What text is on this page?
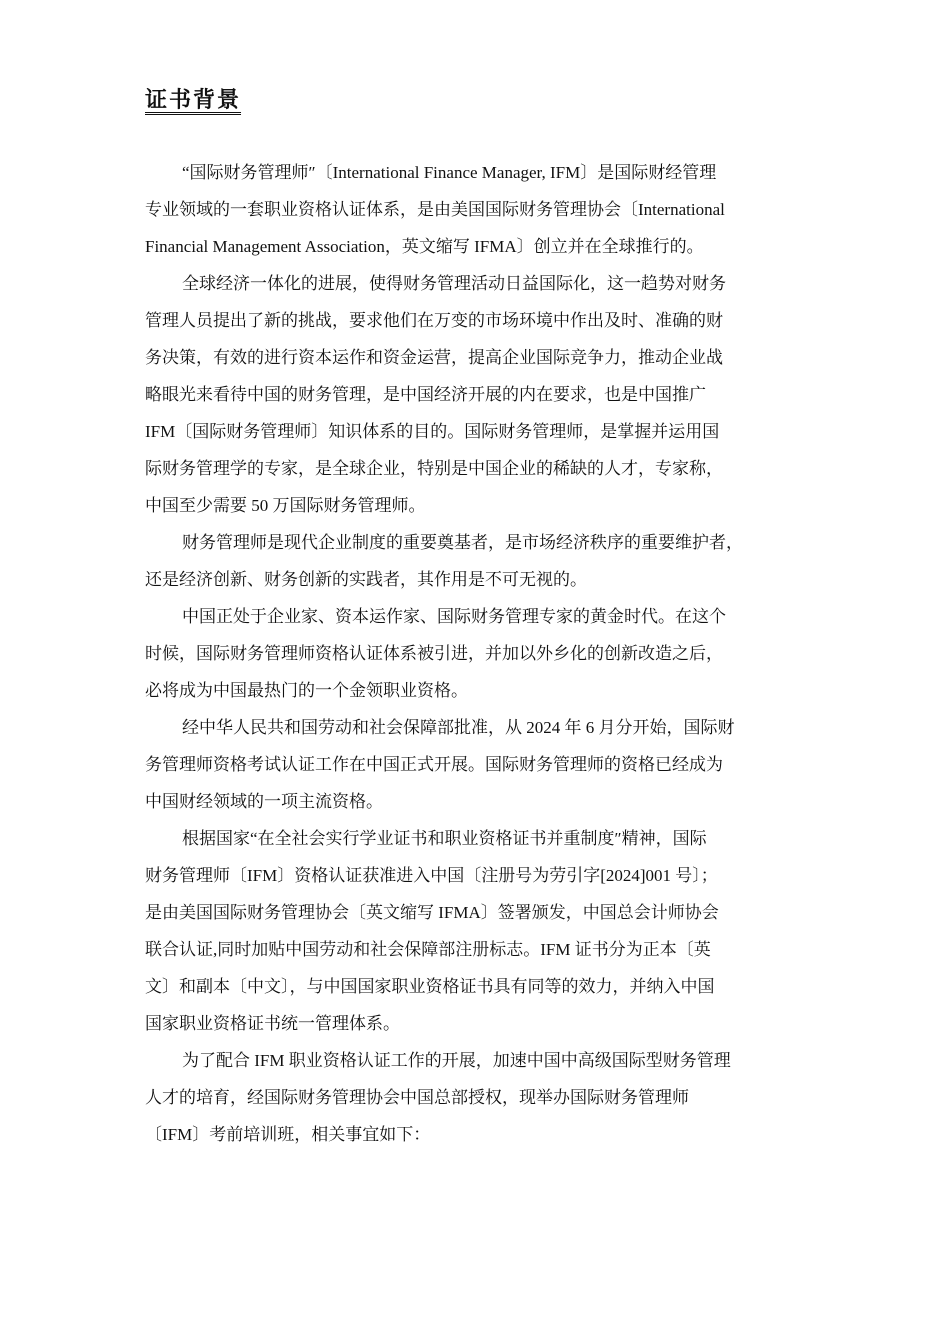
证书背景

“国际财务管理师″〔International Finance Manager, IFM〕是国际财经管理
专业领域的一套职业资格认证体系，是由美国国际财务管理协会〔International
Financial Management Association，英文缩写 IFMA〕创立并在全球推行的。

全球经济一体化的进展，使得财务管理活动日益国际化，这一趋势对财务
管理人员提出了新的挑战，要求他们在万变的市场环境中作出及时、准确的财
务决策，有效的进行资本运作和资金运营，提高企业国际竞争力，推动企业战
略眼光来看待中国的财务管理，是中国经济开展的内在要求，也是中国推广
IFM〔国际财务管理师〕知识体系的目的。国际财务管理师，是掌握并运用国
际财务管理学的专家，是全球企业，特别是中国企业的稀缺的人才，专家称，
中国至少需要 50 万国际财务管理师。

财务管理师是现代企业制度的重要奠基者，是市场经济秩序的重要维护者，
还是经济创新、财务创新的实践者，其作用是不可无视的。

中国正处于企业家、资本运作家、国际财务管理专家的黄金时代。在这个
时候，国际财务管理师资格认证体系被引进，并加以外乡化的创新改造之后，
必将成为中国最热门的一个金领职业资格。

经中华人民共和国劳动和社会保障部批准，从 2024 年 6 月分开始，国际财
务管理师资格考试认证工作在中国正式开展。国际财务管理师的资格已经成为
中国财经领域的一项主流资格。

根据国家“在全社会实行学业证书和职业资格证书并重制度″精神，国际
财务管理师〔IFM〕资格认证获准进入中国〔注册号为劳引字[2024]001 号〕；
是由美国国际财务管理协会〔英文缩写 IFMA〕签署颁发，中国总会计师协会
联合认证,同时加贴中国劳动和社会保障部注册标志。IFM 证书分为正本〔英
文〕和副本〔中文〕，与中国国家职业资格证书具有同等的效力，并纳入中国
国家职业资格证书统一管理体系。

为了配合 IFM 职业资格认证工作的开展，加速中国中高级国际型财务管理
人才的培育，经国际财务管理协会中国总部授权，现举办国际财务管理师
〔IFM〕考前培训班，相关事宜如下：
